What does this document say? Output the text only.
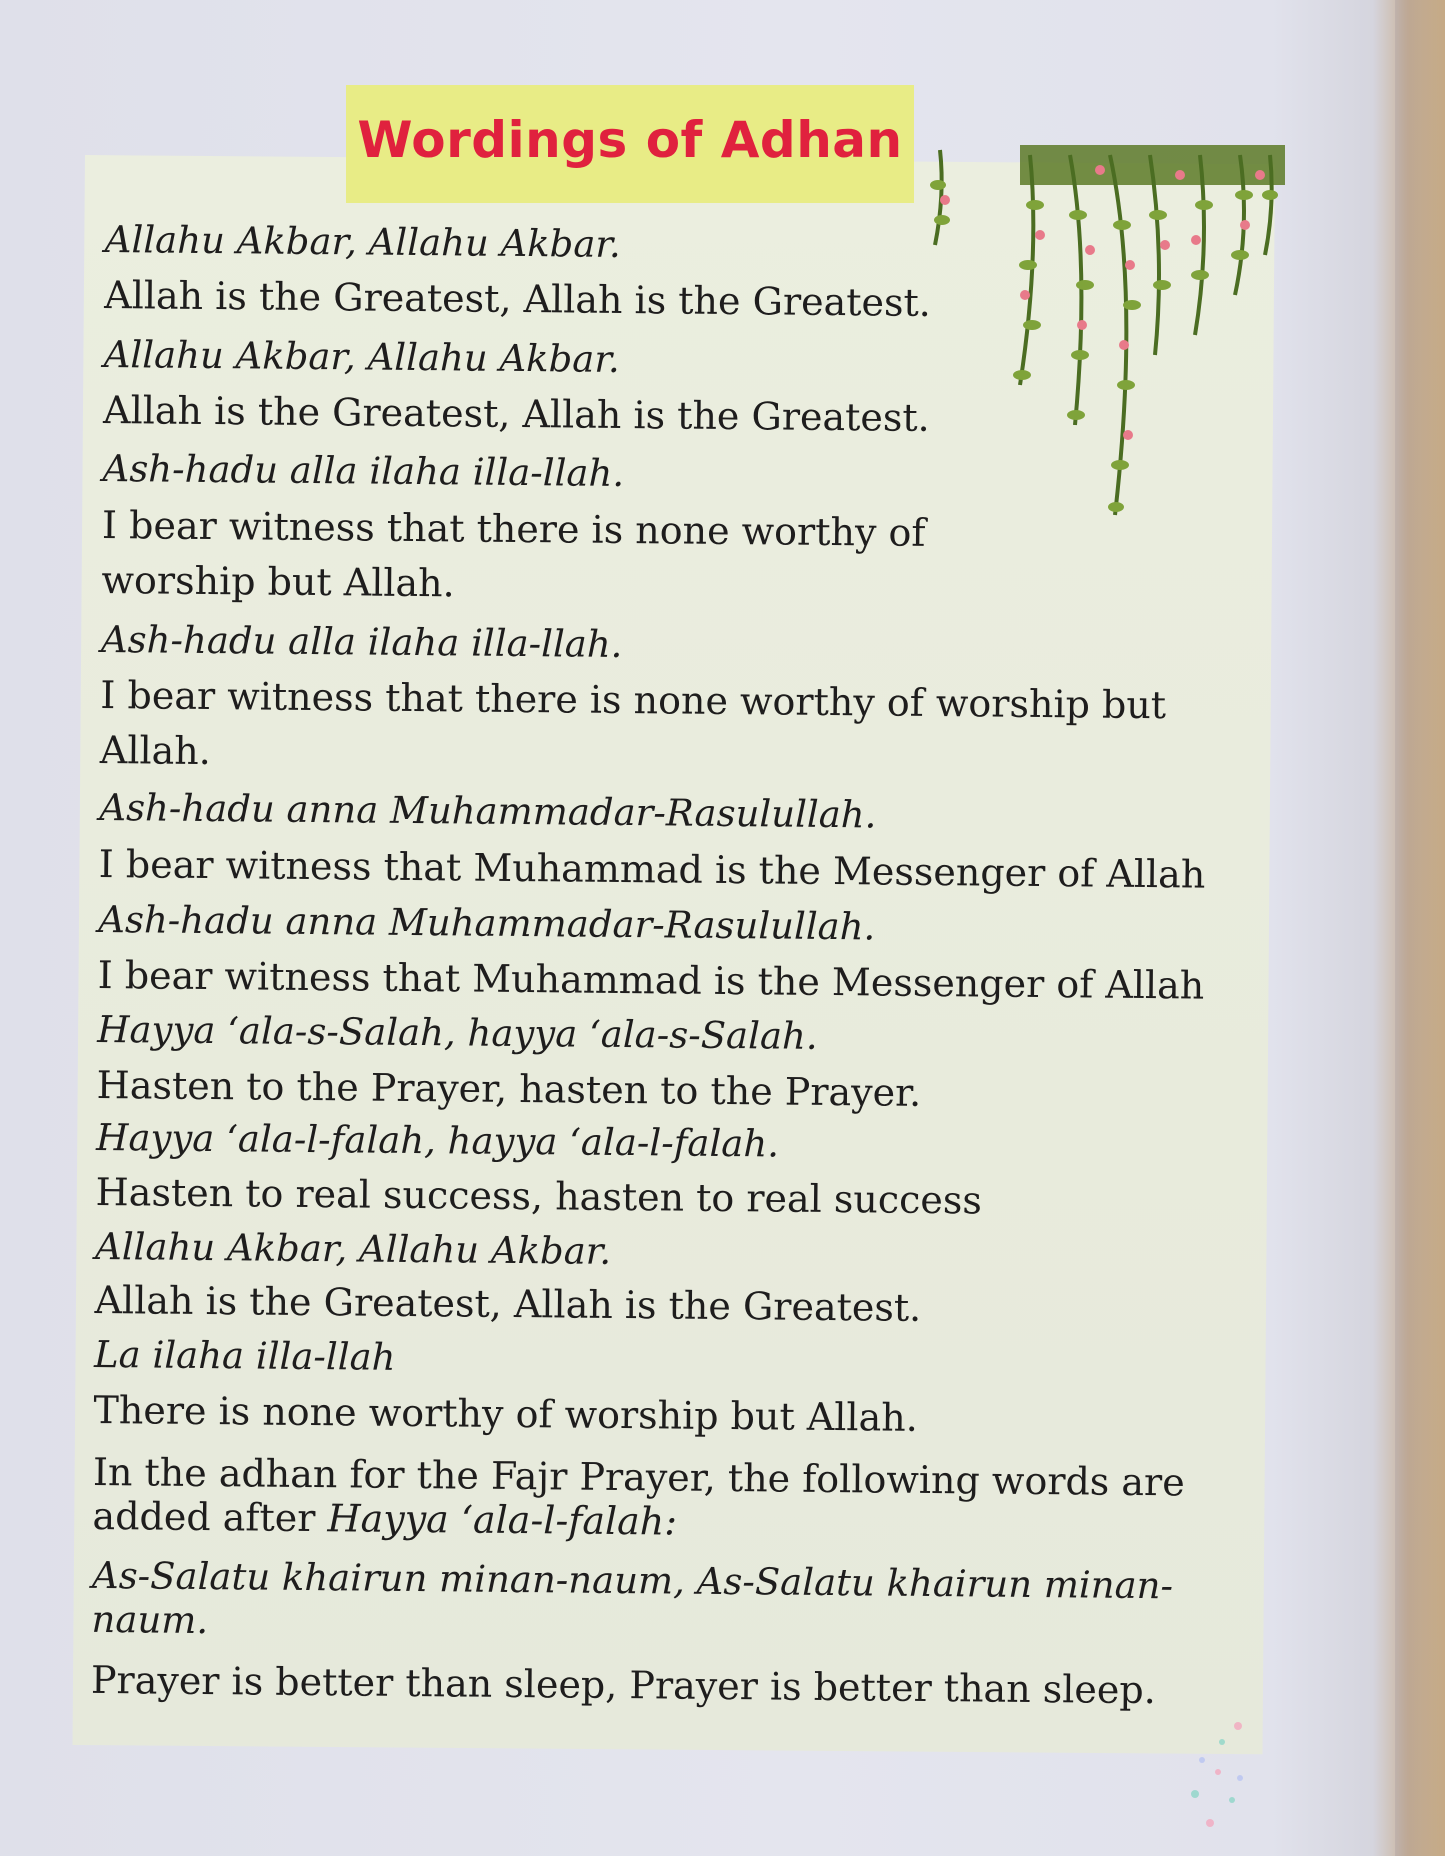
Wordings of Adhan
Allahu Akbar, Allahu Akbar.
Allah is the Greatest, Allah is the Greatest.
Allahu Akbar, Allahu Akbar.
Allah is the Greatest, Allah is the Greatest.
Ash-hadu alla ilaha illa-llah.
I bear witness that there is none worthy of
worship but Allah.
Ash-hadu alla ilaha illa-llah.
I bear witness that there is none worthy of worship but
Allah.
Ash-hadu anna Muhammadar-Rasulullah.
I bear witness that Muhammad is the Messenger of Allah
Ash-hadu anna Muhammadar-Rasulullah.
I bear witness that Muhammad is the Messenger of Allah
Hayya ‘ala-s-Salah, hayya ‘ala-s-Salah.
Hasten to the Prayer, hasten to the Prayer.
Hayya ‘ala-l-falah, hayya ‘ala-l-falah.
Hasten to real success, hasten to real success
Allahu Akbar, Allahu Akbar.
Allah is the Greatest, Allah is the Greatest.
La ilaha illa-llah
There is none worthy of worship but Allah.
In the adhan for the Fajr Prayer, the following words are added after Hayya ‘ala-l-falah:
As-Salatu khairun minan-naum, As-Salatu khairun minan-naum.
Prayer is better than sleep, Prayer is better than sleep.
